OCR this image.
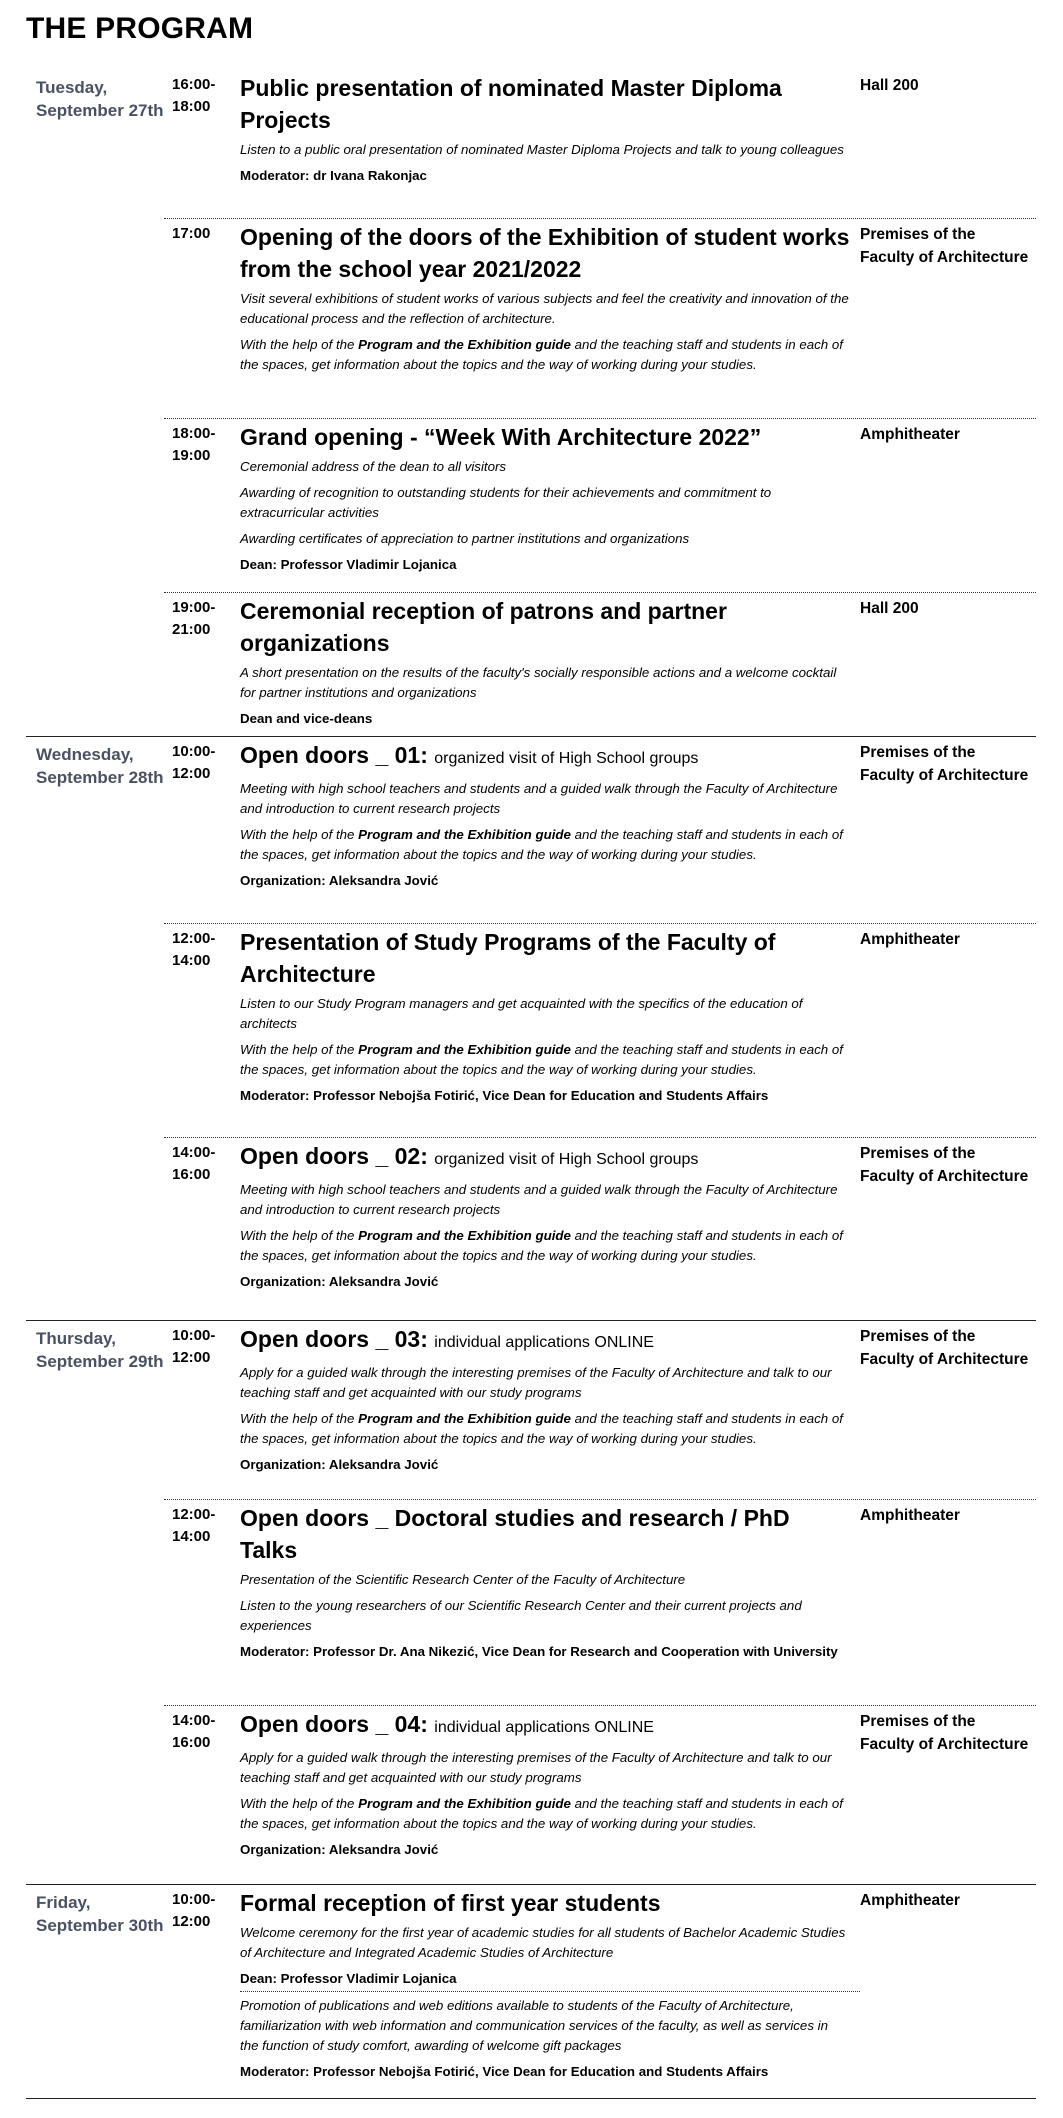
THE PROGRAM
Tuesday, September 27th
16:00-18:00

Public presentation of nominated Master Diploma Projects

Listen to a public oral presentation of nominated Master Diploma Projects and talk to young colleagues

Moderator: dr Ivana Rakonjac

Hall 200
17:00	Opening of the doors of the Exhibition of student works from the school year 2021/2022

Visit several exhibitions of student works of various subjects and feel the creativity and innovation of the educational process and the reflection of architecture.

With the help of the Program and the Exhibition guide and the teaching staff and students in each of the spaces, get information about the topics and the way of working during your studies.

Premises of the Faculty of Architecture
18:00-19:00

Grand opening - “Week With Architecture 2022”

Ceremonial address of the dean to all visitors

Awarding of recognition to outstanding students for their achievements and commitment to extracurricular activities

Awarding certificates of appreciation to partner institutions and organizations

Dean: Professor Vladimir Lojanica

Amphitheater
19:00-21:00

Ceremonial reception of patrons and partner organizations

A short presentation on the results of the faculty's socially responsible actions and a welcome cocktail for partner institutions and organizations

Dean and vice-deans

Hall 200
Wednesday, September 28th
10:00-12:00

Open doors _ 01: organized visit of High School groups

Meeting with high school teachers and students and a guided walk through the Faculty of Architecture and introduction to current research projects

With the help of the Program and the Exhibition guide and the teaching staff and students in each of the spaces, get information about the topics and the way of working during your studies.

Organization: Aleksandra Jović

Premises of the Faculty of Architecture
12:00-14:00

Presentation of Study Programs of the Faculty of Architecture

Listen to our Study Program managers and get acquainted with the specifics of the education of architects

With the help of the Program and the Exhibition guide and the teaching staff and students in each of the spaces, get information about the topics and the way of working during your studies.

Moderator: Professor Nebojša Fotirić, Vice Dean for Education and Students Affairs

Amphitheater
14:00-16:00

Open doors _ 02: organized visit of High School groups

Meeting with high school teachers and students and a guided walk through the Faculty of Architecture and introduction to current research projects

With the help of the Program and the Exhibition guide and the teaching staff and students in each of the spaces, get information about the topics and the way of working during your studies.

Organization: Aleksandra Jović

Premises of the Faculty of Architecture
Thursday, September 29th
10:00-12:00

Open doors _ 03: individual applications ONLINE

Apply for a guided walk through the interesting premises of the Faculty of Architecture and talk to our teaching staff and get acquainted with our study programs

With the help of the Program and the Exhibition guide and the teaching staff and students in each of the spaces, get information about the topics and the way of working during your studies.

Organization: Aleksandra Jović

Premises of the Faculty of Architecture
12:00-14:00

Open doors _ Doctoral studies and research / PhD Talks

Presentation of the Scientific Research Center of the Faculty of Architecture

Listen to the young researchers of our Scientific Research Center and their current projects and experiences

Moderator: Professor Dr. Ana Nikezić, Vice Dean for Research and Cooperation with University

Amphitheater
14:00-16:00

Open doors _ 04: individual applications ONLINE

Apply for a guided walk through the interesting premises of the Faculty of Architecture and talk to our teaching staff and get acquainted with our study programs

With the help of the Program and the Exhibition guide and the teaching staff and students in each of the spaces, get information about the topics and the way of working during your studies.

Organization: Aleksandra Jović

Premises of the Faculty of Architecture
Friday, September 30th
10:00-12:00

Formal reception of first year students

Welcome ceremony for the first year of academic studies for all students of Bachelor Academic Studies of Architecture and Integrated Academic Studies of Architecture

Dean: Professor Vladimir Lojanica

Promotion of publications and web editions available to students of the Faculty of Architecture, familiarization with web information and communication services of the faculty, as well as services in the function of study comfort, awarding of welcome gift packages

Moderator: Professor Nebojša Fotirić, Vice Dean for Education and Students Affairs

Amphitheater
